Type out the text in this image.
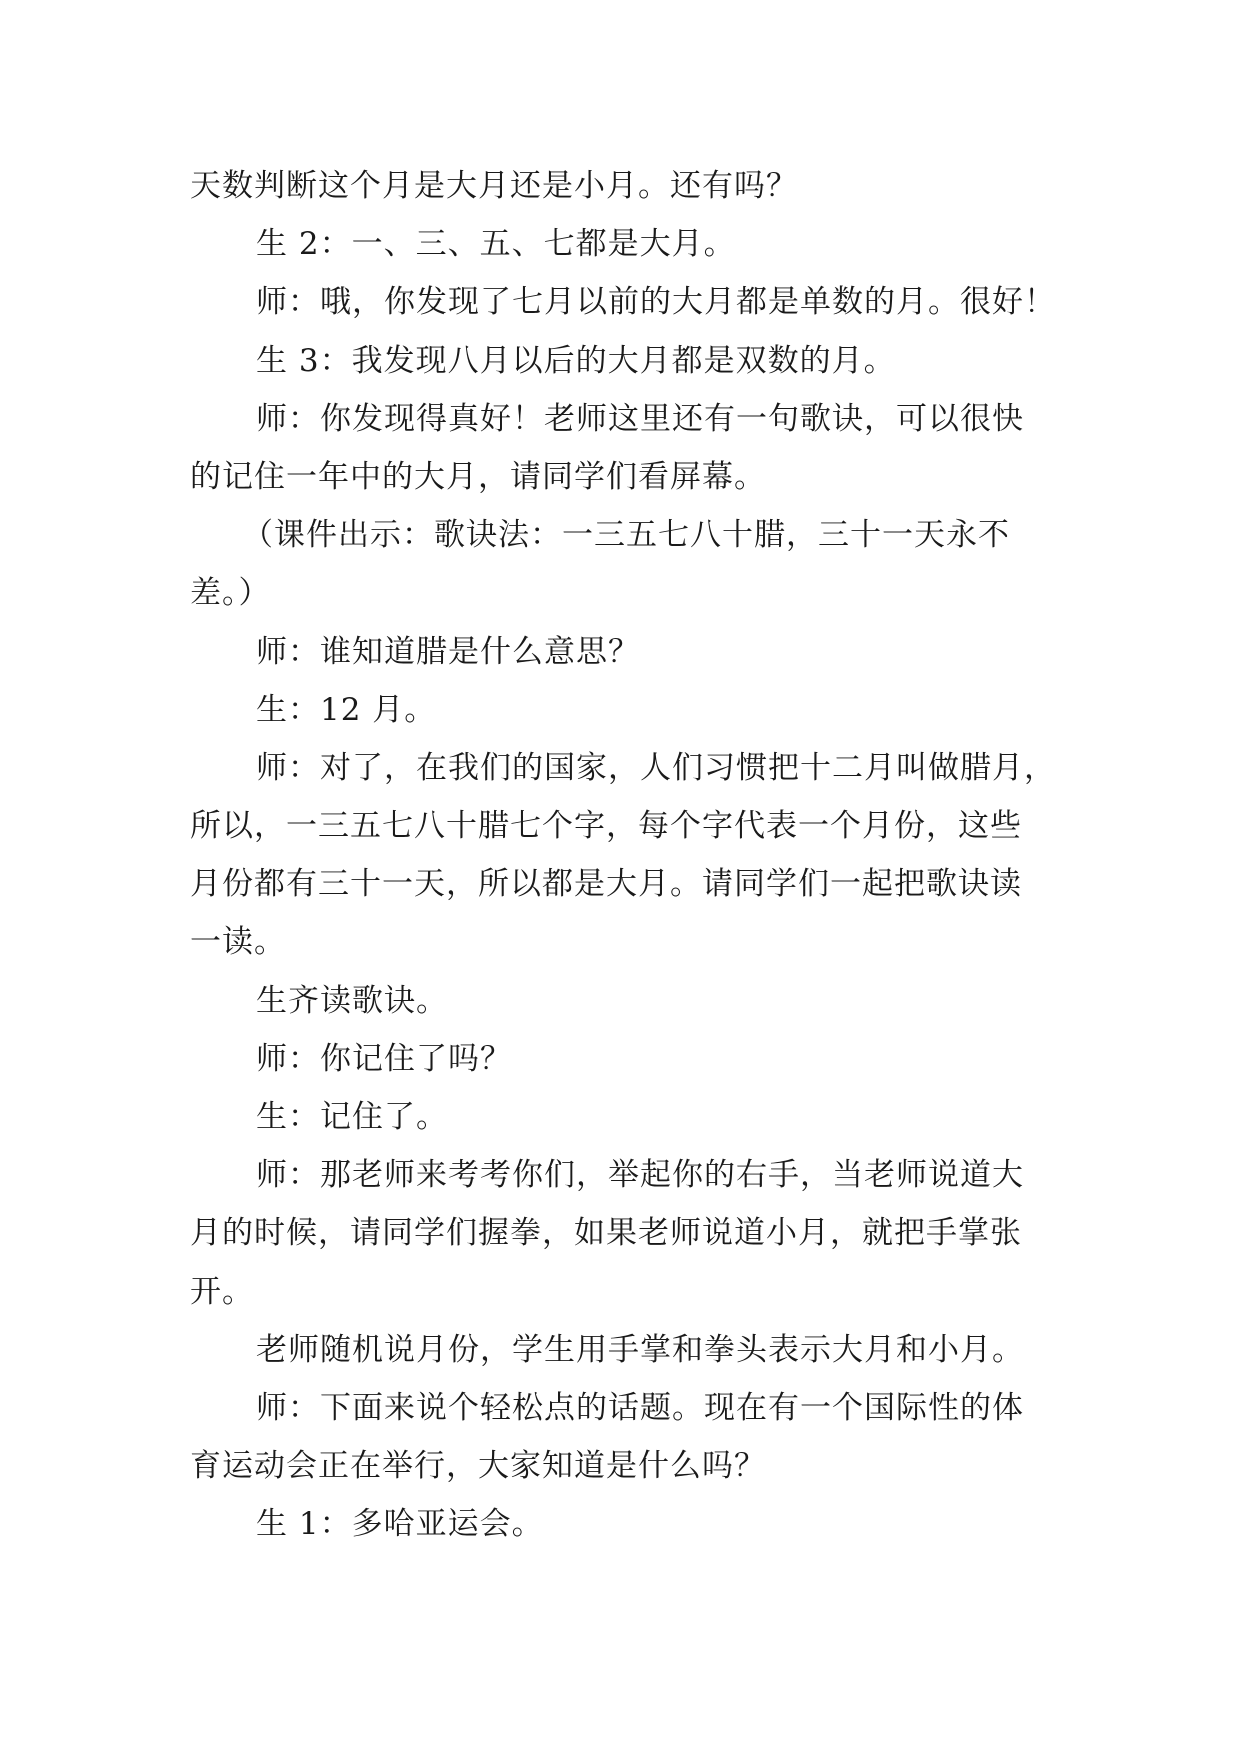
天数判断这个月是大月还是小月。还有吗？
生 2：一、三、五、七都是大月。
师：哦，你发现了七月以前的大月都是单数的月。很好！
生 3：我发现八月以后的大月都是双数的月。
师：你发现得真好！老师这里还有一句歌诀，可以很快
的记住一年中的大月，请同学们看屏幕。
（课件出示：歌诀法：一三五七八十腊，三十一天永不
差。）
师：谁知道腊是什么意思？
生：12 月。
师：对了，在我们的国家，人们习惯把十二月叫做腊月，
所以，一三五七八十腊七个字，每个字代表一个月份，这些
月份都有三十一天，所以都是大月。请同学们一起把歌诀读
一读。
生齐读歌诀。
师：你记住了吗？
生：记住了。
师：那老师来考考你们，举起你的右手，当老师说道大
月的时候，请同学们握拳，如果老师说道小月，就把手掌张
开。
老师随机说月份，学生用手掌和拳头表示大月和小月。
师：下面来说个轻松点的话题。现在有一个国际性的体
育运动会正在举行，大家知道是什么吗？
生 1：多哈亚运会。
